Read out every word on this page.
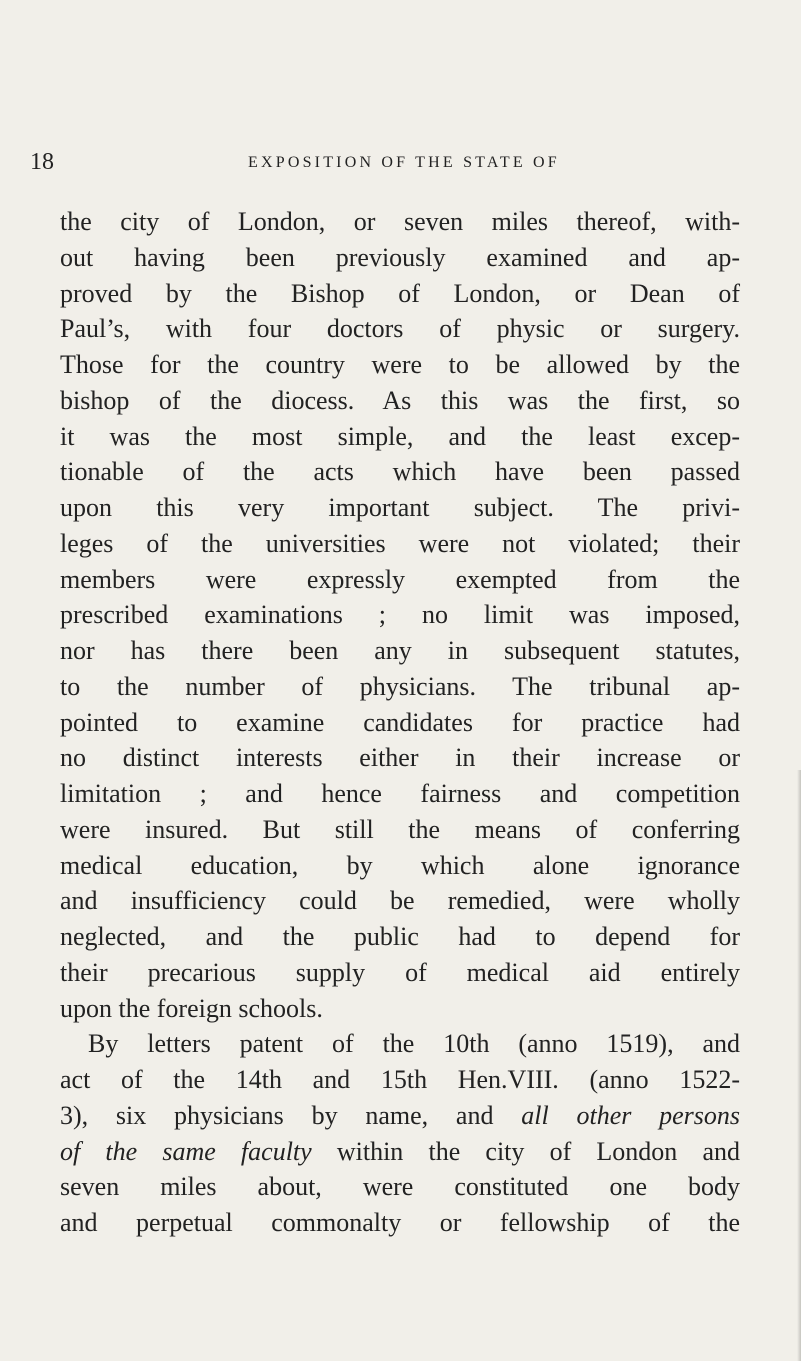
18	EXPOSITION OF THE STATE OF
the city of London, or seven miles thereof, with-
out having been previously examined and ap-
proved by the Bishop of London, or Dean of
Paul’s, with four doctors of physic or surgery.
Those for the country were to be allowed by the
bishop of the diocess. As this was the first, so
it was the most simple, and the least excep-
tionable of the acts which have been passed
upon this very important subject. The privi-
leges of the universities were not violated; their
members were expressly exempted from the
prescribed examinations ; no limit was imposed,
nor has there been any in subsequent statutes,
to the number of physicians. The tribunal ap-
pointed to examine candidates for practice had
no distinct interests either in their increase or
limitation ; and hence fairness and competition
were insured. But still the means of conferring
medical education, by which alone ignorance
and insufficiency could be remedied, were wholly
neglected, and the public had to depend for
their precarious supply of medical aid entirely
upon the foreign schools.
By letters patent of the 10th (anno 1519), and
act of the 14th and 15th Hen.VIII. (anno 1522-
3), six physicians by name, and all other persons
of the same faculty within the city of London and
seven miles about, were constituted one body
and perpetual commonalty or fellowship of the
